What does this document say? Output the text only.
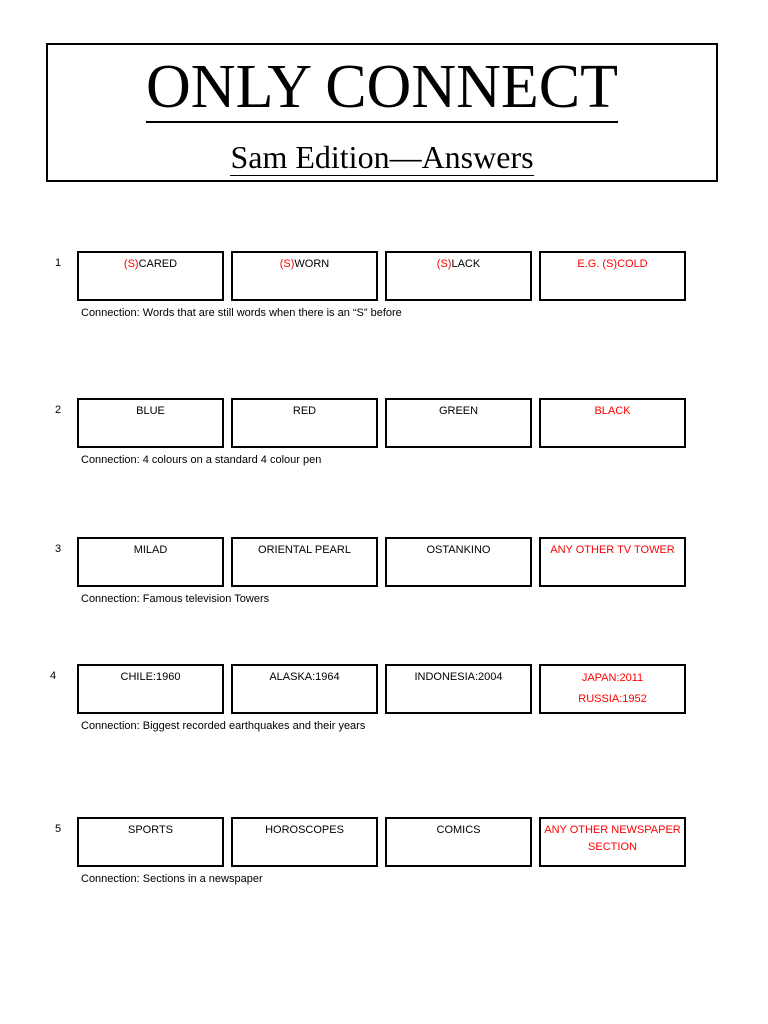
ONLY CONNECT
Sam Edition—Answers
1	(S)CARED	(S)WORN	(S)LACK	E.G. (S)COLD
Connection: Words that are still words when there is an “S” before
2	BLUE	RED	GREEN	BLACK
Connection: 4 colours on a standard 4 colour pen
3	MILAD	ORIENTAL PEARL	OSTANKINO	ANY OTHER TV TOWER
Connection: Famous television Towers
4	CHILE:1960	ALASKA:1964	INDONESIA:2004	JAPAN:2011
RUSSIA:1952
Connection: Biggest recorded earthquakes and their years
5	SPORTS	HOROSCOPES	COMICS	ANY OTHER NEWSPAPER
SECTION
Connection: Sections in a newspaper
